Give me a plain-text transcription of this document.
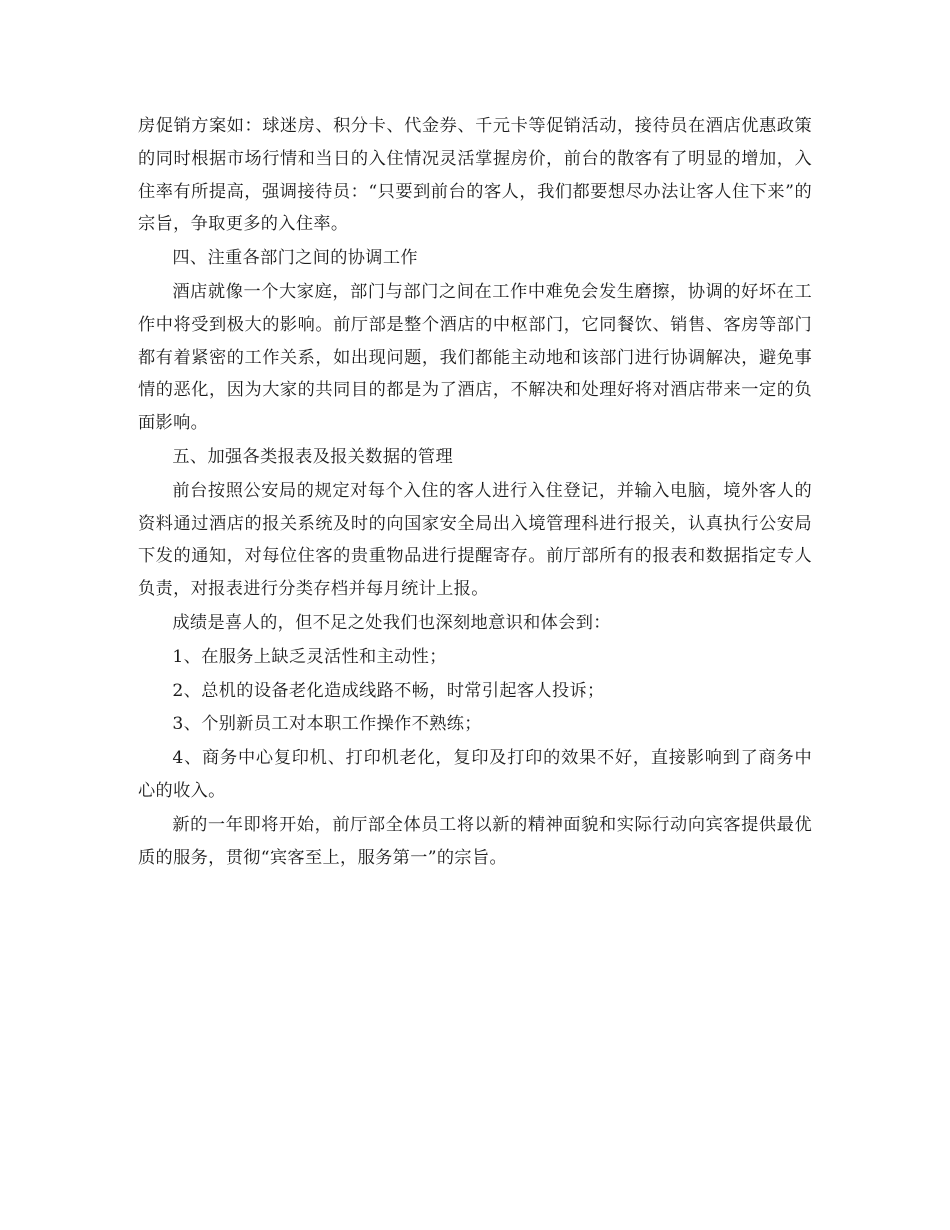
房促销方案如：球迷房、积分卡、代金券、千元卡等促销活动，接待员在酒店优惠政策的同时根据市场行情和当日的入住情况灵活掌握房价，前台的散客有了明显的增加，入住率有所提高，强调接待员：“只要到前台的客人，我们都要想尽办法让客人住下来”的宗旨，争取更多的入住率。

四、注重各部门之间的协调工作

酒店就像一个大家庭，部门与部门之间在工作中难免会发生磨擦，协调的好坏在工作中将受到极大的影响。前厅部是整个酒店的中枢部门，它同餐饮、销售、客房等部门都有着紧密的工作关系，如出现问题，我们都能主动地和该部门进行协调解决，避免事情的恶化，因为大家的共同目的都是为了酒店，不解决和处理好将对酒店带来一定的负面影响。

五、加强各类报表及报关数据的管理

前台按照公安局的规定对每个入住的客人进行入住登记，并输入电脑，境外客人的资料通过酒店的报关系统及时的向国家安全局出入境管理科进行报关，认真执行公安局下发的通知，对每位住客的贵重物品进行提醒寄存。前厅部所有的报表和数据指定专人负责，对报表进行分类存档并每月统计上报。

成绩是喜人的，但不足之处我们也深刻地意识和体会到：

1、在服务上缺乏灵活性和主动性；

2、总机的设备老化造成线路不畅，时常引起客人投诉；

3、个别新员工对本职工作操作不熟练；

4、商务中心复印机、打印机老化，复印及打印的效果不好，直接影响到了商务中心的收入。

新的一年即将开始，前厅部全体员工将以新的精神面貌和实际行动向宾客提供最优质的服务，贯彻“宾客至上，服务第一”的宗旨。
